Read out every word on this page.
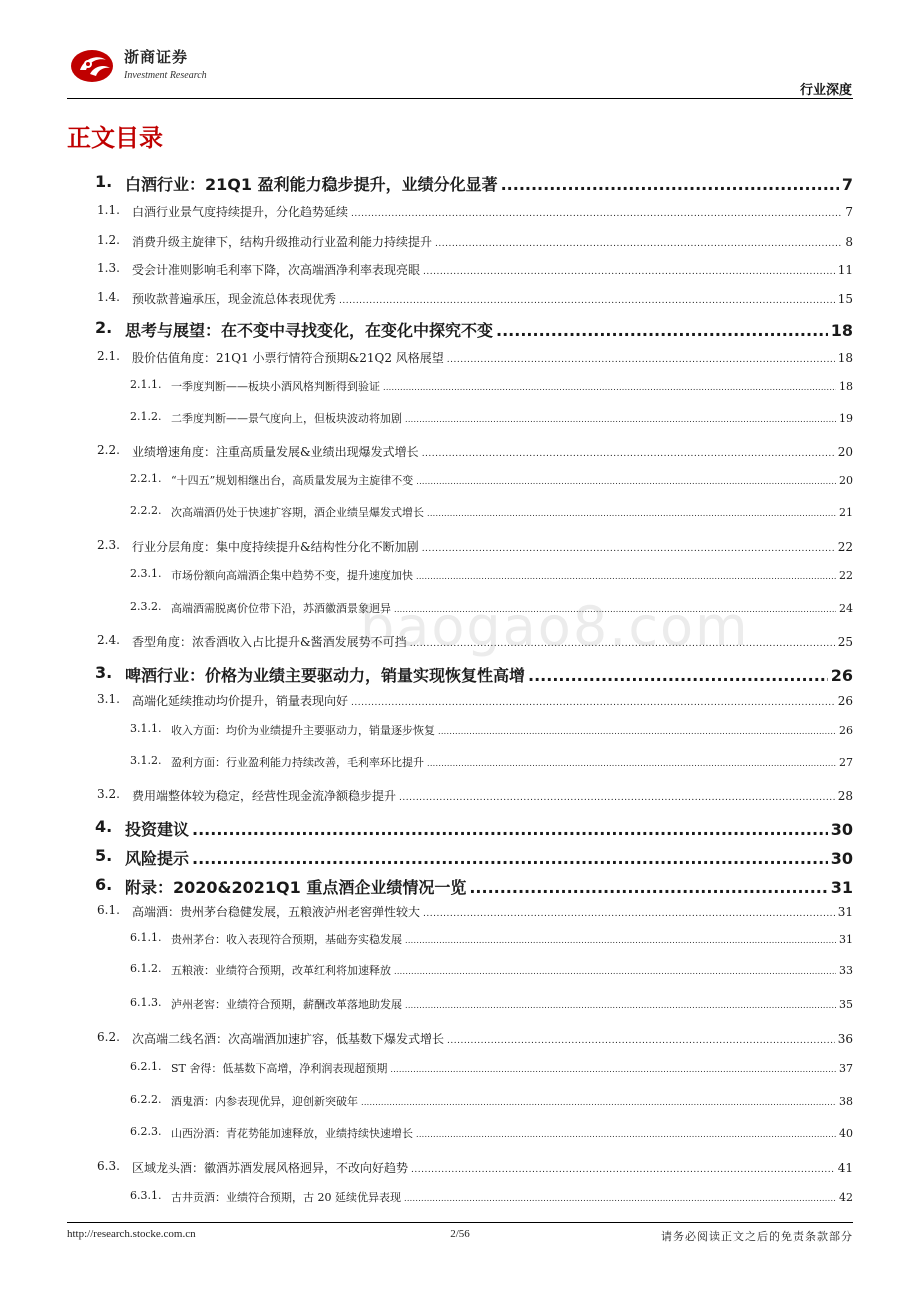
浙商证券
Investment Research
行业深度
正文目录
1. 白酒行业：21Q1 盈利能力稳步提升，业绩分化显著 .....	7
1.1. 白酒行业景气度持续提升，分化趋势延续 .....	7
1.2. 消费升级主旋律下，结构升级推动行业盈利能力持续提升 .....	8
1.3. 受会计准则影响毛利率下降，次高端酒净利率表现亮眼 .....	11
1.4. 预收款普遍承压，现金流总体表现优秀 .....	15
2. 思考与展望：在不变中寻找变化，在变化中探究不变 .....	18
2.1. 股价估值角度：21Q1 小票行情符合预期&21Q2 风格展望 .....	18
2.1.1. 一季度判断——板块小酒风格判断得到验证 .....	18
2.1.2. 二季度判断——景气度向上，但板块波动将加剧 .....	19
2.2. 业绩增速角度：注重高质量发展&业绩出现爆发式增长 .....	20
2.2.1. “十四五”规划相继出台，高质量发展为主旋律不变 .....	20
2.2.2. 次高端酒仍处于快速扩容期，酒企业绩呈爆发式增长 .....	21
2.3. 行业分层角度：集中度持续提升&结构性分化不断加剧 .....	22
2.3.1. 市场份额向高端酒企集中趋势不变，提升速度加快 .....	22
2.3.2. 高端酒需脱离价位带下沿，苏酒徽酒景象迥异 .....	24
2.4. 香型角度：浓香酒收入占比提升&酱酒发展势不可挡 .....	25
3. 啤酒行业：价格为业绩主要驱动力，销量实现恢复性高增 .....	26
3.1. 高端化延续推动均价提升，销量表现向好 .....	26
3.1.1. 收入方面：均价为业绩提升主要驱动力，销量逐步恢复 .....	26
3.1.2. 盈利方面：行业盈利能力持续改善，毛利率环比提升 .....	27
3.2. 费用端整体较为稳定，经营性现金流净额稳步提升 .....	28
4. 投资建议 .....	30
5. 风险提示 .....	30
6. 附录：2020&2021Q1 重点酒企业绩情况一览 .....	31
6.1. 高端酒：贵州茅台稳健发展，五粮液泸州老窖弹性较大 .....	31
6.1.1. 贵州茅台：收入表现符合预期，基础夯实稳发展 .....	31
6.1.2. 五粮液：业绩符合预期，改革红利将加速释放 .....	33
6.1.3. 泸州老窖：业绩符合预期，薪酬改革落地助发展 .....	35
6.2. 次高端二线名酒：次高端酒加速扩容，低基数下爆发式增长 .....	36
6.2.1. ST 舍得：低基数下高增，净利润表现超预期 .....	37
6.2.2. 酒鬼酒：内参表现优异，迎创新突破年 .....	38
6.2.3. 山西汾酒：青花势能加速释放，业绩持续快速增长 .....	40
6.3. 区域龙头酒：徽酒苏酒发展风格迥异，不改向好趋势 .....	41
6.3.1. 古井贡酒：业绩符合预期，古 20 延续优异表现 .....	42
baogao8.com
http://research.stocke.com.cn	2/56	请务必阅读正文之后的免责条款部分
